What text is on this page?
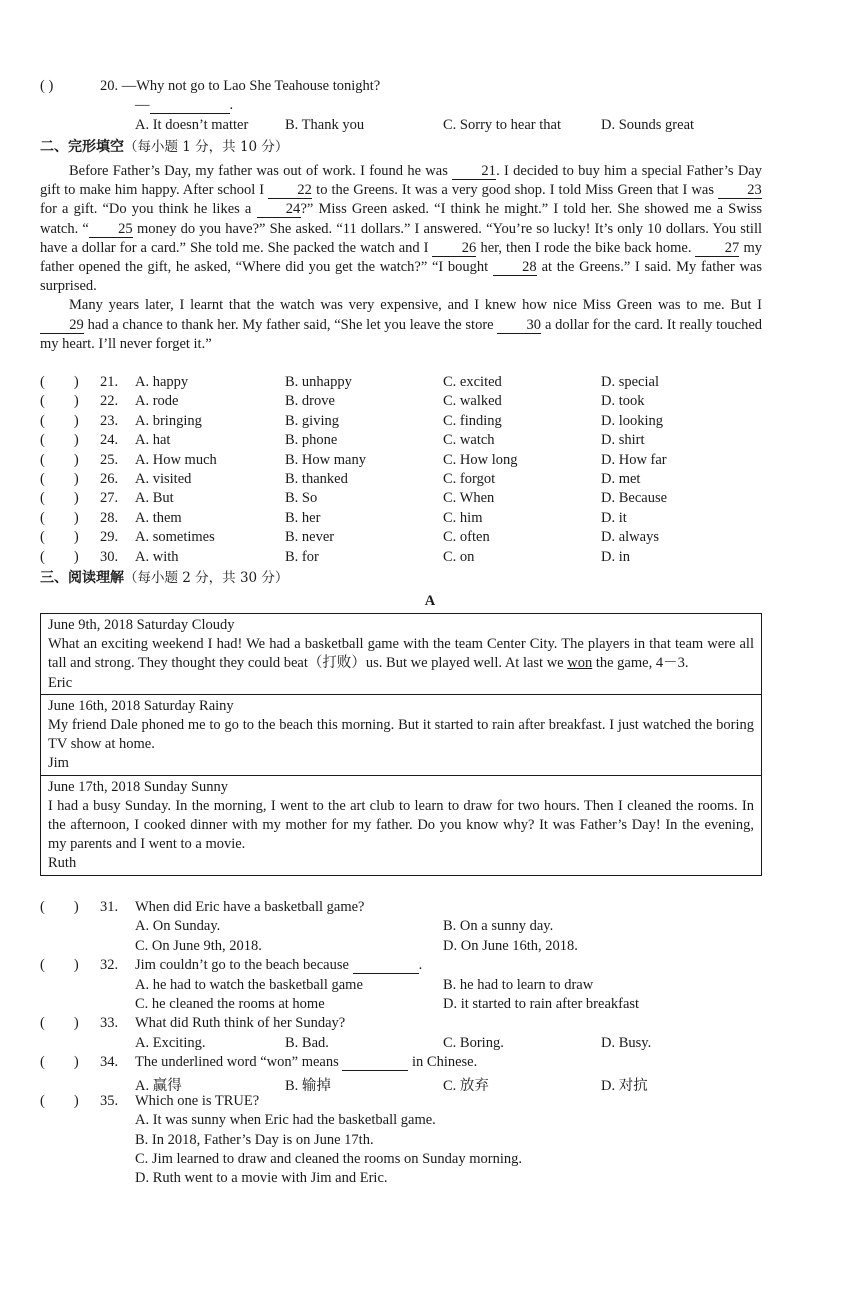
( )	20. —Why not go to Lao She Teahouse tonight?
—	.
A. It doesn’t matter	B. Thank you	C. Sorry to hear that	D. Sounds great
二、完形填空（每小题 1 分，共 10 分）

Before Father’s Day, my father was out of work. I found he was 21. I decided to buy him a special Father’s Day gift to make him happy. After school I 22 to the Greens. It was a very good shop. I told Miss Green that I was 23 for a gift. “Do you think he likes a 24?” Miss Green asked. “I think he might.” I told her. She showed me a Swiss watch. “ 25 money do you have?” She asked. “11 dollars.” I answered. “You’re so lucky! It’s only 10 dollars. You still have a dollar for a card.” She told me. She packed the watch and I 26 her, then I rode the bike back home. 27 my father opened the gift, he asked, “Where did you get the watch?” “I bought 28 at the Greens.” I said. My father was surprised.

Many years later, I learnt that the watch was very expensive, and I knew how nice Miss Green was to me. But I 29 had a chance to thank her. My father said, “She let you leave the store 30 a dollar for the card. It really touched my heart. I’ll never forget it.”

(        ) 21. A. happy	B. unhappy	C. excited	D. special
(        ) 22. A. rode	B. drove	C. walked	D. took
(        ) 23. A. bringing	B. giving	C. finding	D. looking
(        ) 24. A. hat	B. phone	C. watch	D. shirt
(        ) 25. A. How much	B. How many	C. How long	D. How far
(        ) 26. A. visited	B. thanked	C. forgot	D. met
(        ) 27. A. But	B. So	C. When	D. Because
(        ) 28. A. them	B. her	C. him	D. it
(        ) 29. A. sometimes	B. never	C. often	D. always
(        ) 30. A. with	B. for	C. on	D. in
三、阅读理解（每小题 2 分，共 30 分）
A
June 9th, 2018 Saturday Cloudy
What an exciting weekend I had! We had a basketball game with the team Center City. The players in that team were all tall and strong. They thought they could beat（打败）us. But we played well. At last we won the game, 4－3.
Eric
June 16th, 2018 Saturday Rainy
My friend Dale phoned me to go to the beach this morning. But it started to rain after breakfast. I just watched the boring TV show at home.
Jim
June 17th, 2018 Sunday Sunny
I had a busy Sunday. In the morning, I went to the art club to learn to draw for two hours. Then I cleaned the rooms. In the afternoon, I cooked dinner with my mother for my father. Do you know why? It was Father’s Day! In the evening, my parents and I went to a movie.
Ruth
(        ) 31. When did Eric have a basketball game?
A. On Sunday.	B. On a sunny day.
C. On June 9th, 2018.	D. On June 16th, 2018.
(        ) 32. Jim couldn’t go to the beach because	.
A. he had to watch the basketball game	B. he had to learn to draw
C. he cleaned the rooms at home	D. it started to rain after breakfast
(        ) 33. What did Ruth think of her Sunday?
A. Exciting.	B. Bad.	C. Boring.	D. Busy.
(        ) 34. The underlined word “won” means	in Chinese.
A. 赢得	B. 输掉	C. 放弃	D. 对抗
(        ) 35. Which one is TRUE?
A. It was sunny when Eric had the basketball game.
B. In 2018, Father’s Day is on June 17th.
C. Jim learned to draw and cleaned the rooms on Sunday morning.
D. Ruth went to a movie with Jim and Eric.
